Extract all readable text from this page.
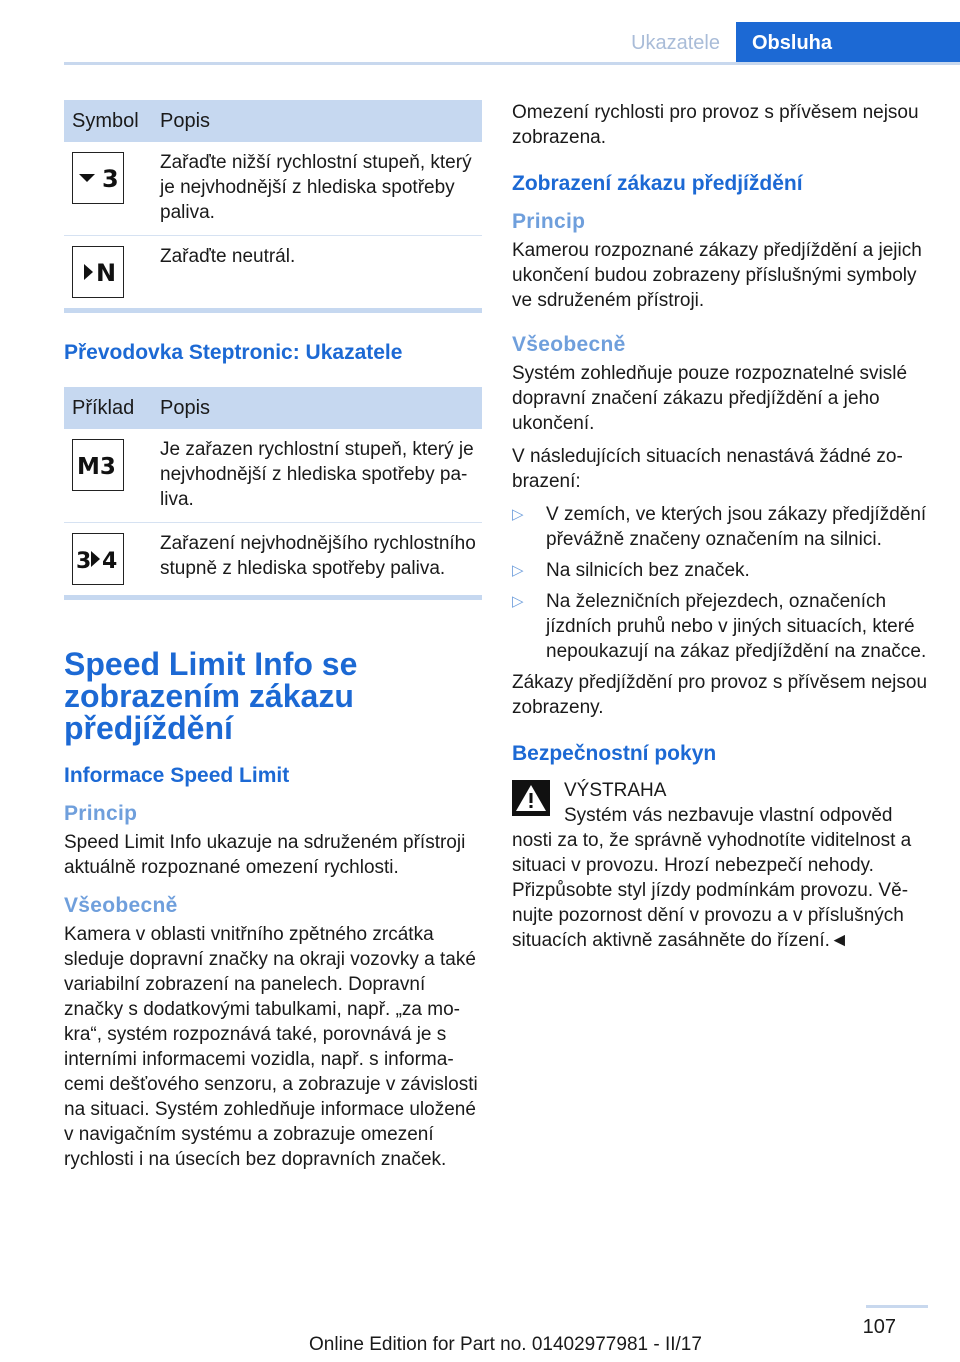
Ukazatele	Obsluha
Symbol	Popis

3	Zařaďte nižší rychlostní stupeň, který je nejvhodnější z hlediska spotřeby paliva.

N	Zařaďte neutrál.
Převodovka Steptronic: Ukazatele
Příklad	Popis

M3	Je zařazen rychlostní stupeň, který je nejvhodnější z hlediska spotřeby paliva.

3 4	Zařazení nejvhodnějšího rychlostního stupně z hlediska spotřeby paliva.
Speed Limit Info se zobrazením zákazu předjíždění
Informace Speed Limit
Princip

Speed Limit Info ukazuje na sdruženém přístroji aktuálně rozpoznané omezení rychlosti.

Všeobecně

Kamera v oblasti vnitřního zpětného zrcátka sleduje dopravní značky na okraji vozovky a také variabilní zobrazení na panelech. Dopravní značky s dodatkovými tabulkami, např. „za mokra“, systém rozpoznává také, porovnává je s interními informacemi vozidla, např. s informacemi dešťového senzoru, a zobrazuje v závislosti na situaci. Systém zohledňuje informace uložené v navigačním systému a zobrazuje omezení rychlosti i na úsecích bez dopravních značek.

Omezení rychlosti pro provoz s přívěsem nejsou zobrazena.

Zobrazení zákazu předjíždění
Princip

Kamerou rozpoznané zákazy předjíždění a jejich ukončení budou zobrazeny příslušnými symboly ve sdruženém přístroji.

Všeobecně

Systém zohledňuje pouze rozpoznatelné svislé dopravní značení zákazu předjíždění a jeho ukončení.

V následujících situacích nenastává žádné zobrazení:

▷ V zemích, ve kterých jsou zákazy předjíždění převážně značeny označením na silnici.
▷ Na silnicích bez značek.
▷ Na železničních přejezdech, označeních jízdních pruhů nebo v jiných situacích, které nepoukazují na zákaz předjíždění na značce.

Zákazy předjíždění pro provoz s přívěsem nejsou zobrazeny.

Bezpečnostní pokyn
VÝSTRAHA
Systém vás nezbavuje vlastní odpověd
nosti za to, že správně vyhodnotíte viditelnost a situaci v provozu. Hrozí nebezpečí nehody. Přizpůsobte styl jízdy podmínkám provozu. Věnujte pozornost dění v provozu a v příslušných situacích aktivně zasáhněte do řízení.◄
107
Online Edition for Part no. 01402977981 - II/17
